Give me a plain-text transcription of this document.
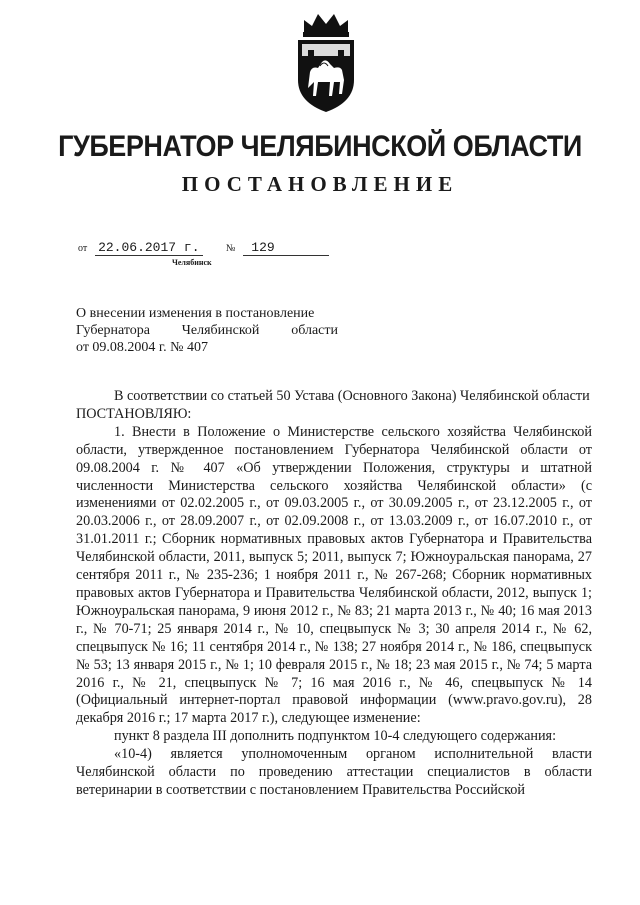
ГУБЕРНАТОР ЧЕЛЯБИНСКОЙ ОБЛАСТИ
ПОСТАНОВЛЕНИЕ
от 22.06.2017 г.	№ 129
Челябинск
О внесении изменения в постановление
Губернатора Челябинской области
от 09.08.2004 г. № 407

В соответствии со статьей 50 Устава (Основного Закона) Челябинской области

ПОСТАНОВЛЯЮ:

1. Внести в Положение о Министерстве сельского хозяйства Челябинской области, утвержденное постановлением Губернатора Челябинской области от 09.08.2004 г. № 407 «Об утверждении Положения, структуры и штатной численности Министерства сельского хозяйства Челябинской области» (с изменениями от 02.02.2005 г., от 09.03.2005 г., от 30.09.2005 г., от 23.12.2005 г., от 20.03.2006 г., от 28.09.2007 г., от 02.09.2008 г., от 13.03.2009 г., от 16.07.2010 г., от 31.01.2011 г.; Сборник нормативных правовых актов Губернатора и Правительства Челябинской области, 2011, выпуск 5; 2011, выпуск 7; Южноуральская панорама, 27 сентября 2011 г., № 235-236; 1 ноября 2011 г., № 267-268; Сборник нормативных правовых актов Губернатора и Правительства Челябинской области, 2012, выпуск 1; Южноуральская панорама, 9 июня 2012 г., № 83; 21 марта 2013 г., № 40; 16 мая 2013 г., № 70-71; 25 января 2014 г., № 10, спецвыпуск № 3; 30 апреля 2014 г., № 62, спецвыпуск № 16; 11 сентября 2014 г., № 138; 27 ноября 2014 г., № 186, спецвыпуск № 53; 13 января 2015 г., № 1; 10 февраля 2015 г., № 18; 23 мая 2015 г., № 74; 5 марта 2016 г., № 21, спецвыпуск № 7; 16 мая 2016 г., № 46, спецвыпуск № 14 (Официальный интернет-портал правовой информации (www.pravo.gov.ru), 28 декабря 2016 г.; 17 марта 2017 г.), следующее изменение:

пункт 8 раздела III дополнить подпунктом 10-4 следующего содержания:

«10-4) является уполномоченным органом исполнительной власти Челябинской области по проведению аттестации специалистов в области ветеринарии в соответствии с постановлением Правительства Российской
